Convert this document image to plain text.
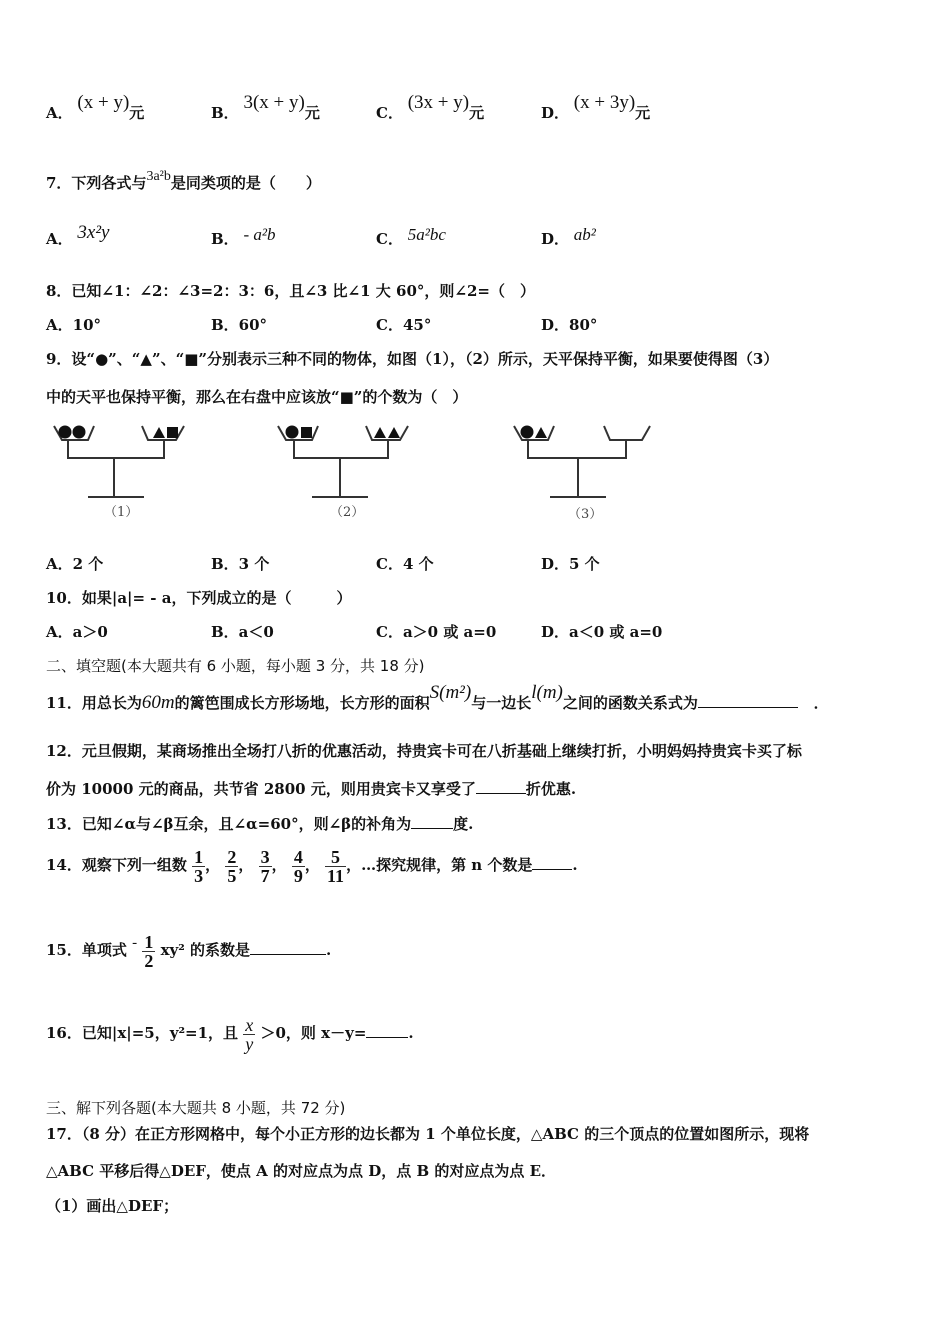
A． (x + y)元	B． 3(x + y)元	C． (3x + y)元	D． (x + 3y)元
7．下列各式与3a²b是同类项的是（　　）
A． 3x²y	B． - a²b	C． 5a²bc	D． ab²
8．已知∠1：∠2：∠3=2：3：6，且∠3 比∠1 大 60°，则∠2=（　）
A．10°	B．60°	C．45°	D．80°
9．设“●”、“▲”、“■”分别表示三种不同的物体，如图（1），（2）所示，天平保持平衡，如果要使得图（3）
中的天平也保持平衡，那么在右盘中应该放“■”的个数为（　）
（1）	（2）	（3）
A．2 个	B．3 个	C．4 个	D．5 个
10．如果|a|= - a，下列成立的是（　　　）
A．a＞0	B．a＜0	C．a＞0 或 a=0	D．a＜0 或 a=0
二、填空题(本大题共有 6 小题，每小题 3 分，共 18 分)
11．用总长为60m的篱笆围成长方形场地，长方形的面积S(m²)与一边长l(m)之间的函数关系式为	．
12．元旦假期，某商场推出全场打八折的优惠活动，持贵宾卡可在八折基础上继续打折，小明妈妈持贵宾卡买了标
价为 10000 元的商品，共节省 2800 元，则用贵宾卡又享受了	折优惠.
13．已知∠α与∠β互余，且∠α=60°，则∠β的补角为	度.
14．观察下列一组数 $\frac{1}{3}$ ， $\frac{2}{5}$ ， $\frac{3}{7}$ ， $\frac{4}{9}$ ， $\frac{5}{11}$ ，…探究规律，第 n 个数是	.
15．单项式 - $\frac{1}{2} xy^2$ 的系数是	.
16．已知|x|=5，y²=1，且 $\frac{x}{y} >0$，则 x－y=	.
三、解下列各题(本大题共 8 小题，共 72 分)
17．（8 分）在正方形网格中，每个小正方形的边长都为 1 个单位长度，△ABC 的三个顶点的位置如图所示，现将
△ABC 平移后得△DEF，使点 A 的对应点为点 D，点 B 的对应点为点 E．
（1）画出△DEF；
